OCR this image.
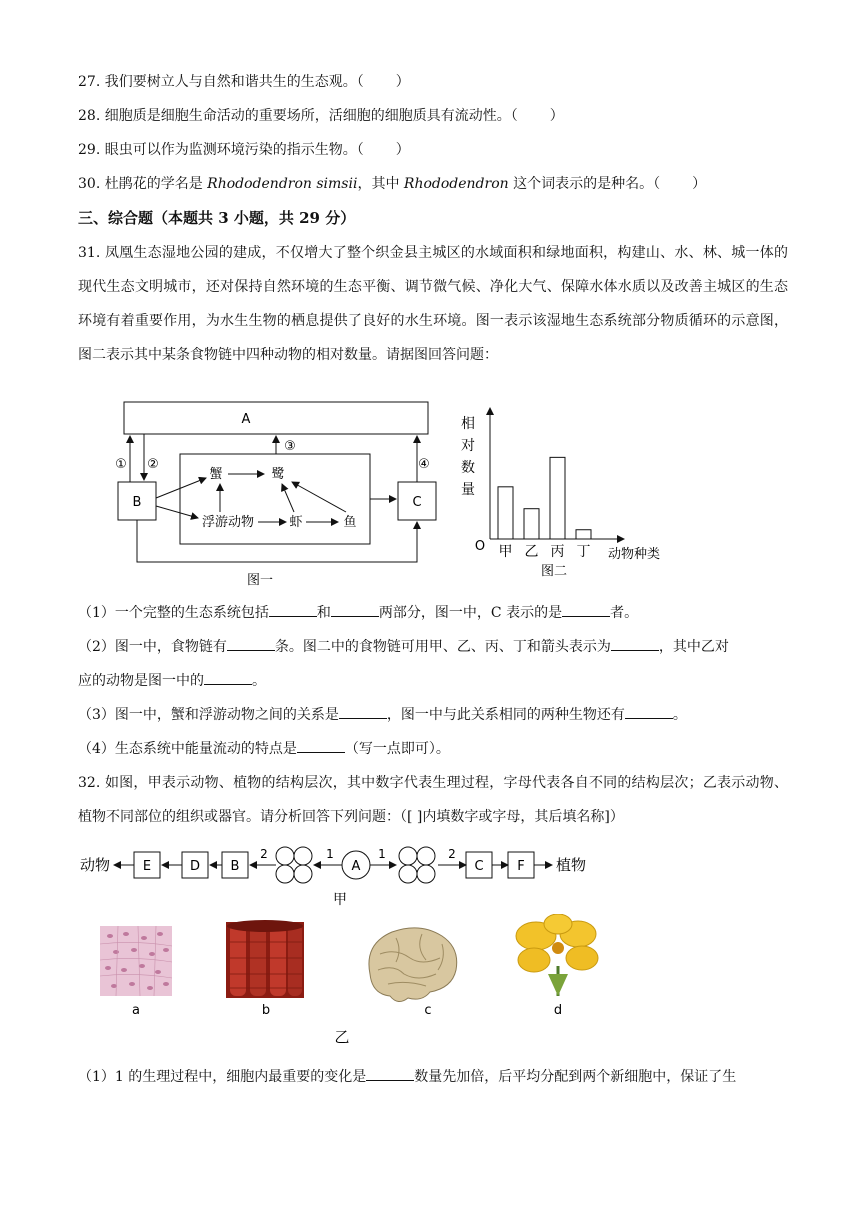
27. 我们要树立人与自然和谐共生的生态观。（ ）
28. 细胞质是细胞生命活动的重要场所，活细胞的细胞质具有流动性。（ ）
29. 眼虫可以作为监测环境污染的指示生物。（ ）
30. 杜鹃花的学名是 Rhododendron simsii，其中 Rhododendron 这个词表示的是种名。（ ）
三、综合题（本题共 3 小题，共 29 分）
31. 凤凰生态湿地公园的建成，不仅增大了整个织金县主城区的水域面积和绿地面积，构建山、水、林、城一体的现代生态文明城市，还对保持自然环境的生态平衡、调节微气候、净化大气、保障水体水质以及改善主城区的生态环境有着重要作用，为水生生物的栖息提供了良好的水生环境。图一表示该湿地生态系统部分物质循环的示意图，图二表示其中某条食物链中四种动物的相对数量。请据图回答问题：
A
B	C
① ②
③
④
蟹	鹭
浮游动物	虾	鱼
图一
相
对
数
量
O
动物种类
图二
甲 乙 丙 丁
（1）一个完整的生态系统包括	和	两部分，图一中，C 表示的是	者。
（2）图一中，食物链有	条。图二中的食物链可用甲、乙、丙、丁和箭头表示为	，其中乙对
应的动物是图一中的	。
（3）图一中，蟹和浮游动物之间的关系是	，图一中与此关系相同的两种生物还有	。
（4）生态系统中能量流动的特点是	（写一点即可）。
32. 如图，甲表示动物、植物的结构层次，其中数字代表生理过程，字母代表各自不同的结构层次；乙表示动物、植物不同部位的组织或器官。请分析回答下列问题：（[ ]内填数字或字母，其后填名称]）
动物	E	D B
2	1
A
1	2
C	F 植物
甲
a	b	c	d
乙
（1）1 的生理过程中，细胞内最重要的变化是	数量先加倍，后平均分配到两个新细胞中，保证了生
